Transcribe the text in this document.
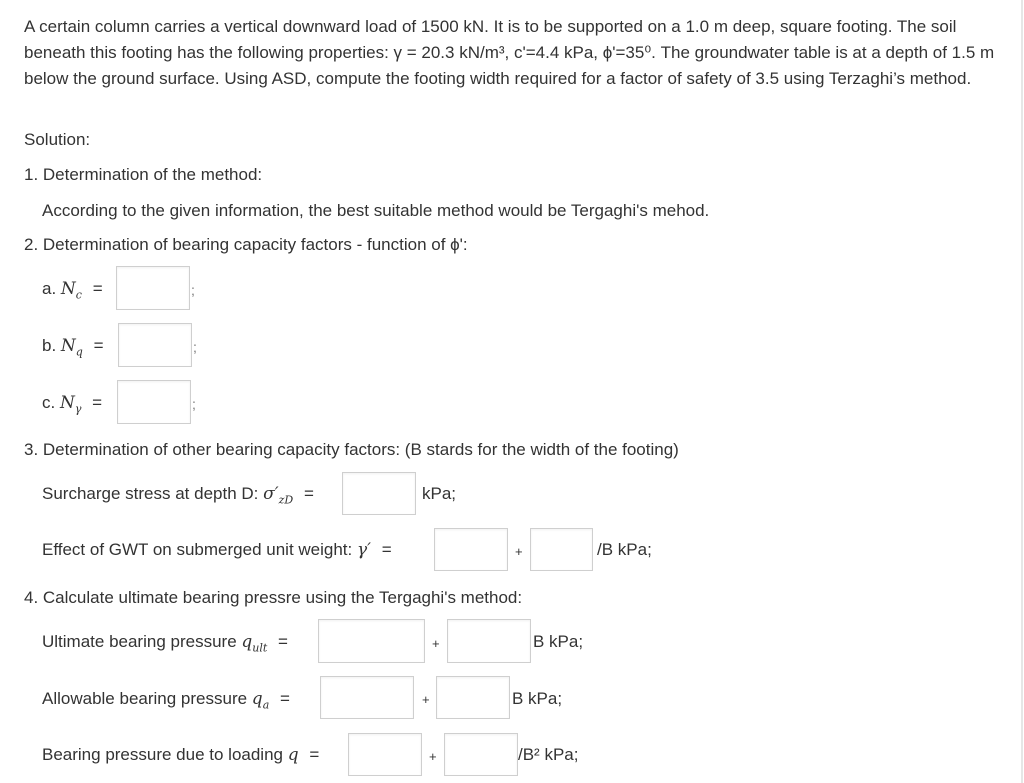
A certain column carries a vertical downward load of 1500 kN. It is to be supported on a 1.0 m deep, square footing. The soil beneath this footing has the following properties: γ = 20.3 kN/m³, c'=4.4 kPa, ϕ'=35⁰. The groundwater table is at a depth of 1.5 m below the ground surface. Using ASD, compute the footing width required for a factor of safety of 3.5 using Terzaghi’s method.
Solution:
1. Determination of the method:
According to the given information, the best suitable method would be Tergaghi's mehod.
2. Determination of bearing capacity factors - function of ϕ':
a. $N_c$ =	;
b. $N_q$ =	;
c. $N_\gamma$ =	;
3. Determination of other bearing capacity factors: (B stards for the width of the footing)
Surcharge stress at depth D: $\sigma'_{zD}$ =	kPa;
Effect of GWT on submerged unit weight: γ′ =	+	/B kPa;
4. Calculate ultimate bearing pressre using the Tergaghi's method:
Ultimate bearing pressure $q_{ult}$ =	+	B kPa;
Allowable bearing pressure $q_a$ =	+	B kPa;
Bearing pressure due to loading q =	+	/B² kPa;
